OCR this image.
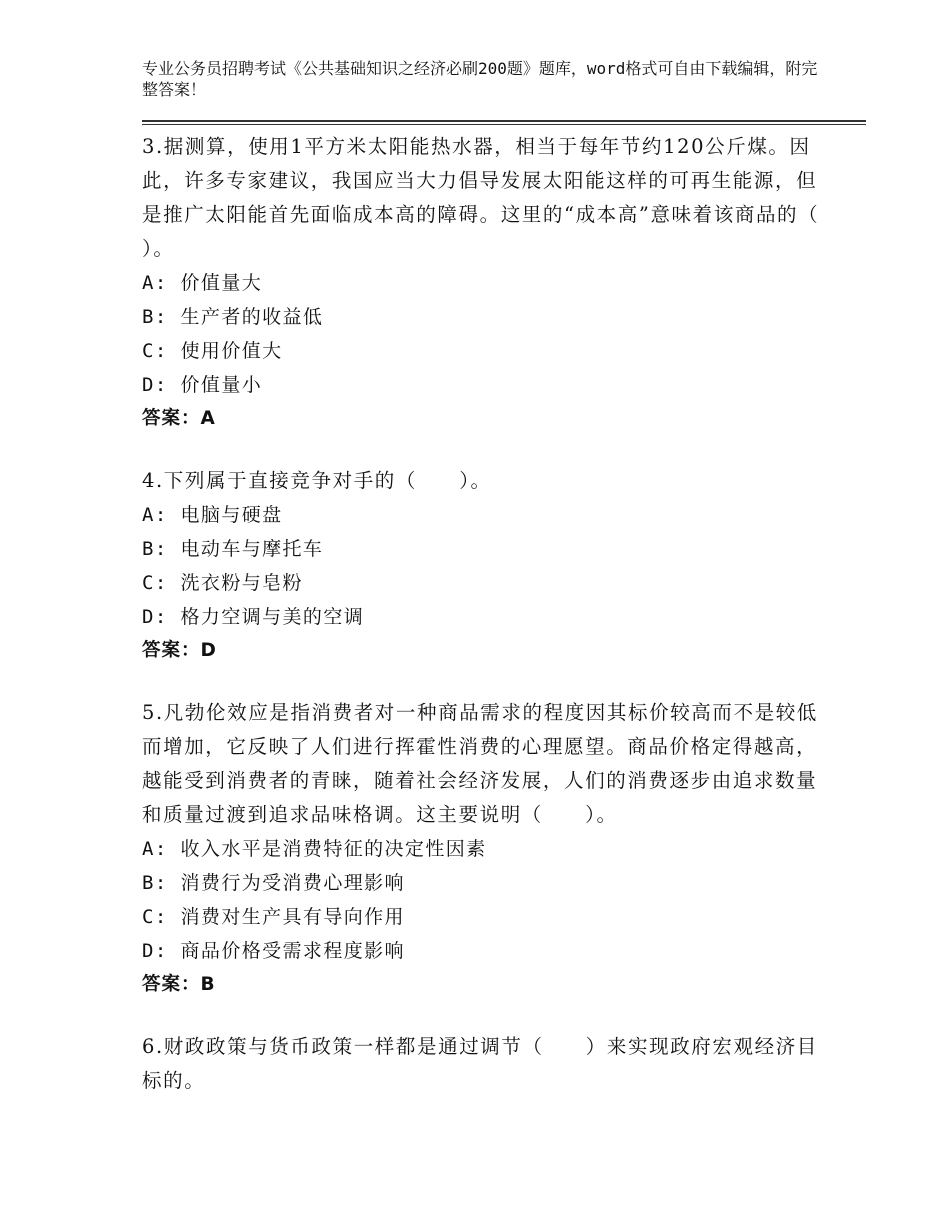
专业公务员招聘考试《公共基础知识之经济必刷200题》题库，word格式可自由下载编辑，附完整答案！

3.据测算，使用1平方米太阳能热水器，相当于每年节约120公斤煤。因此，许多专家建议，我国应当大力倡导发展太阳能这样的可再生能源，但是推广太阳能首先面临成本高的障碍。这里的“成本高”意味着该商品的（ ）。

A: 价值量大

B: 生产者的收益低

C: 使用价值大

D: 价值量小

答案：A

4.下列属于直接竞争对手的（　　）。

A: 电脑与硬盘

B: 电动车与摩托车

C: 洗衣粉与皂粉

D: 格力空调与美的空调

答案：D

5.凡勃伦效应是指消费者对一种商品需求的程度因其标价较高而不是较低而增加，它反映了人们进行挥霍性消费的心理愿望。商品价格定得越高，越能受到消费者的青睐，随着社会经济发展，人们的消费逐步由追求数量和质量过渡到追求品味格调。这主要说明（　　）。

A: 收入水平是消费特征的决定性因素

B: 消费行为受消费心理影响

C: 消费对生产具有导向作用

D: 商品价格受需求程度影响

答案：B

6.财政政策与货币政策一样都是通过调节（　　）来实现政府宏观经济目标的。
